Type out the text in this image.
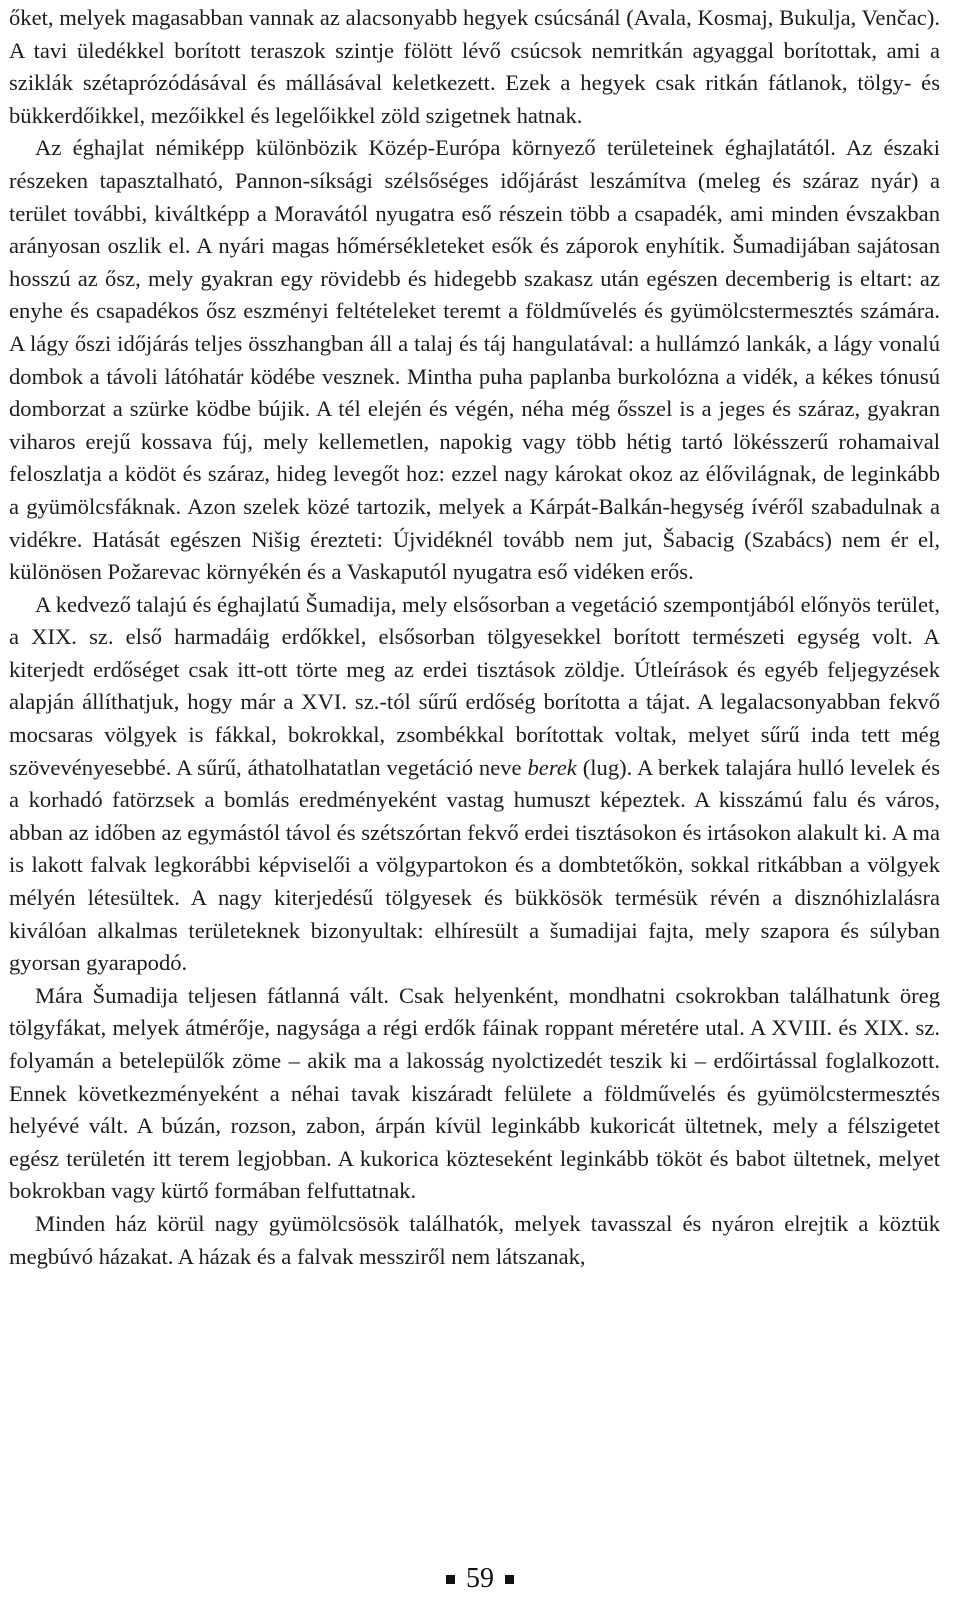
őket, melyek magasabban vannak az alacsonyabb hegyek csúcsánál (Avala, Kosmaj, Bukulja, Venčac). A tavi üledékkel borított teraszok szintje fölött lévő csúcsok nemritkán agyaggal borítottak, ami a sziklák szétaprózódásával és mállásával keletkezett. Ezek a hegyek csak ritkán fátlanok, tölgy- és bükkerdőikkel, mezőikkel és legelőikkel zöld szigetnek hatnak.

Az éghajlat némiképp különbözik Közép-Európa környező területeinek éghajlatától. Az északi részeken tapasztalható, Pannon-síksági szélsőséges időjárást leszámítva (meleg és száraz nyár) a terület további, kiváltképp a Moravától nyugatra eső részein több a csapadék, ami minden évszakban arányosan oszlik el. A nyári magas hőmérsékleteket esők és záporok enyhítik. Šumadijában sajátosan hosszú az ősz, mely gyakran egy rövidebb és hidegebb szakasz után egészen decemberig is eltart: az enyhe és csapadékos ősz eszményi feltételeket teremt a földművelés és gyümölcstermesztés számára. A lágy őszi időjárás teljes összhangban áll a talaj és táj hangulatával: a hullámzó lankák, a lágy vonalú dombok a távoli látóhatár ködébe vesznek. Mintha puha paplanba burkolózna a vidék, a kékes tónusú domborzat a szürke ködbe bújik. A tél elején és végén, néha még ősszel is a jeges és száraz, gyakran viharos erejű kossava fúj, mely kellemetlen, napokig vagy több hétig tartó lökésszerű rohamaival feloszlatja a ködöt és száraz, hideg levegőt hoz: ezzel nagy károkat okoz az élővilágnak, de leginkább a gyümölcsfáknak. Azon szelek közé tartozik, melyek a Kárpát-Balkán-hegység ívéről szabadulnak a vidékre. Hatását egészen Nišig érezteti: Újvidéknél tovább nem jut, Šabacig (Szabács) nem ér el, különösen Požarevac környékén és a Vaskaputól nyugatra eső vidéken erős.

A kedvező talajú és éghajlatú Šumadija, mely elsősorban a vegetáció szempontjából előnyös terület, a XIX. sz. első harmadáig erdőkkel, elsősorban tölgyesekkel borított természeti egység volt. A kiterjedt erdőséget csak itt-ott törte meg az erdei tisztások zöldje. Útleírások és egyéb feljegyzések alapján állíthatjuk, hogy már a XVI. sz.-tól sűrű erdőség borította a tájat. A legalacsonyabban fekvő mocsaras völgyek is fákkal, bokrokkal, zsombékkal borítottak voltak, melyet sűrű inda tett még szövevényesebbé. A sűrű, áthatolhatatlan vegetáció neve berek (lug). A berkek talajára hulló levelek és a korhadó fatörzsek a bomlás eredményeként vastag humuszt képeztek. A kisszámú falu és város, abban az időben az egymástól távol és szétszórtan fekvő erdei tisztásokon és irtásokon alakult ki. A ma is lakott falvak legkorábbi képviselői a völgypartokon és a dombtetőkön, sokkal ritkábban a völgyek mélyén létesültek. A nagy kiterjedésű tölgyesek és bükkösök termésük révén a disznóhizlalásra kiválóan alkalmas területeknek bizonyultak: elhíresült a šumadijai fajta, mely szapora és súlyban gyorsan gyarapodó.

Mára Šumadija teljesen fátlanná vált. Csak helyenként, mondhatni csokrokban találhatunk öreg tölgyfákat, melyek átmérője, nagysága a régi erdők fáinak roppant méretére utal. A XVIII. és XIX. sz. folyamán a betelepülők zöme – akik ma a lakosság nyolctizedét teszik ki – erdőirtással foglalkozott. Ennek következményeként a néhai tavak kiszáradt felülete a földművelés és gyümölcstermesztés helyévé vált. A búzán, rozson, zabon, árpán kívül leginkább kukoricát ültetnek, mely a félszigetet egész területén itt terem legjobban. A kukorica közteseként leginkább tököt és babot ültetnek, melyet bokrokban vagy kürtő formában felfuttatnak.

Minden ház körül nagy gyümölcsösök találhatók, melyek tavasszal és nyáron elrejtik a köztük megbúvó házakat. A házak és a falvak messziről nem látszanak,

59
